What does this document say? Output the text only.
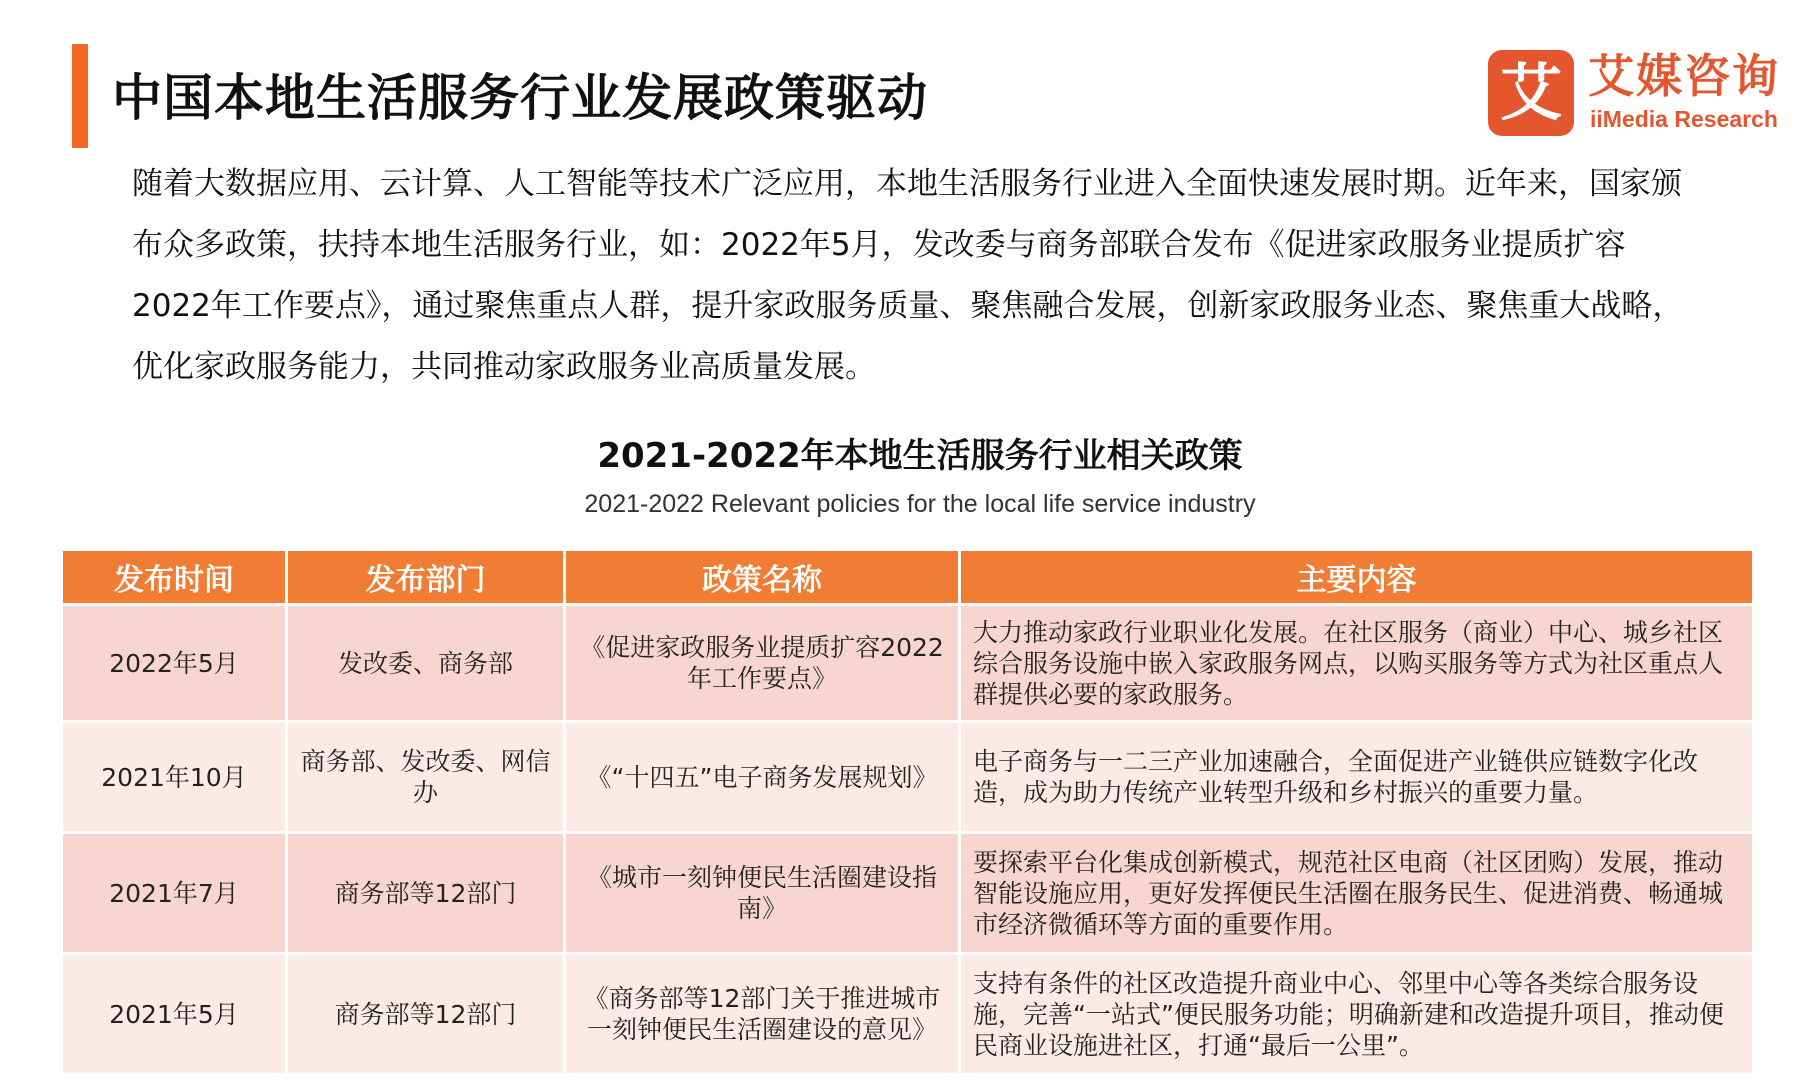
中国本地生活服务行业发展政策驱动	艾 艾媒咨询
iiMedia Research

随着大数据应用、云计算、人工智能等技术广泛应用，本地生活服务行业进入全面快速发展时期。近年来，国家颁布众多政策，扶持本地生活服务行业，如：2022年5月，发改委与商务部联合发布《促进家政服务业提质扩容2022年工作要点》，通过聚焦重点人群，提升家政服务质量、聚焦融合发展，创新家政服务业态、聚焦重大战略，优化家政服务能力，共同推动家政服务业高质量发展。

2021-2022年本地生活服务行业相关政策
2021-2022 Relevant policies for the local life service industry
发布时间	发布部门	政策名称	主要内容
2022年5月	发改委、商务部	《促进家政服务业提质扩容2022年工作要点》	大力推动家政行业职业化发展。在社区服务（商业）中心、城乡社区综合服务设施中嵌入家政服务网点，以购买服务等方式为社区重点人群提供必要的家政服务。
2021年10月	商务部、发改委、网信办	《“十四五”电子商务发展规划》	电子商务与一二三产业加速融合，全面促进产业链供应链数字化改造，成为助力传统产业转型升级和乡村振兴的重要力量。
2021年7月	商务部等12部门	《城市一刻钟便民生活圈建设指南》	要探索平台化集成创新模式，规范社区电商（社区团购）发展，推动智能设施应用，更好发挥便民生活圈在服务民生、促进消费、畅通城市经济微循环等方面的重要作用。
2021年5月	商务部等12部门	《商务部等12部门关于推进城市一刻钟便民生活圈建设的意见》	支持有条件的社区改造提升商业中心、邻里中心等各类综合服务设施，完善“一站式”便民服务功能；明确新建和改造提升项目，推动便民商业设施进社区，打通“最后一公里”。
